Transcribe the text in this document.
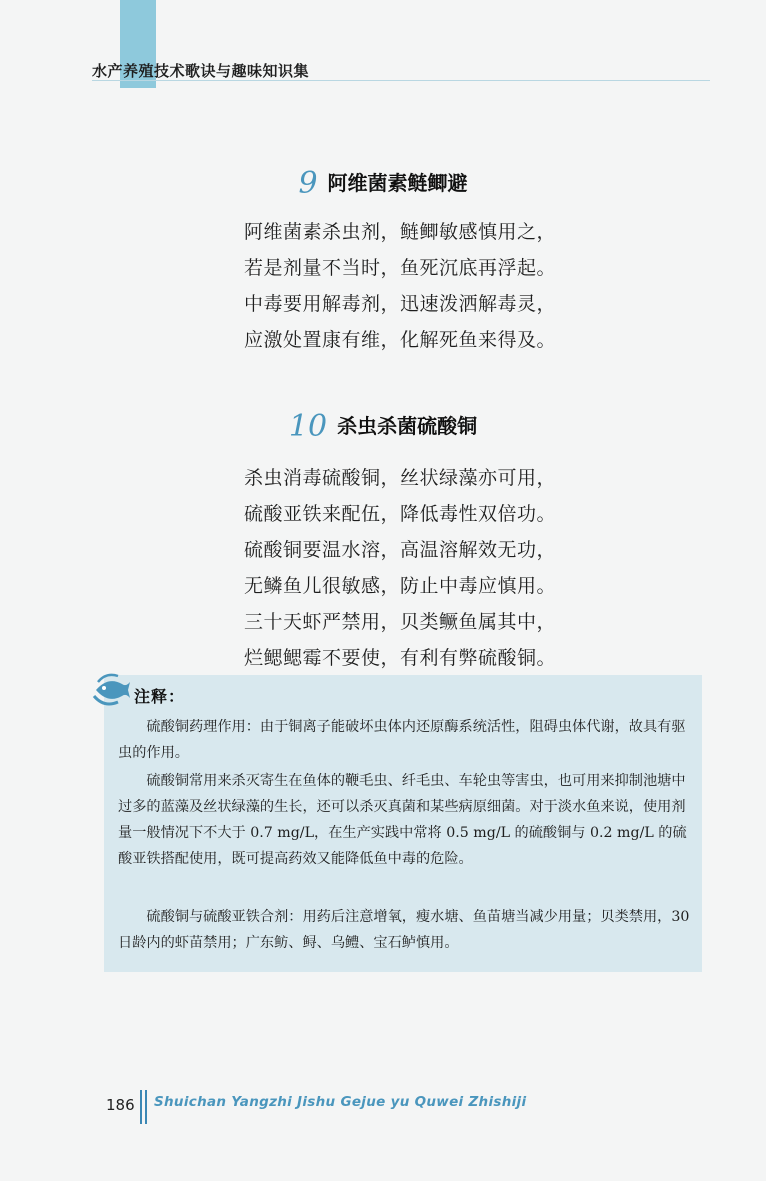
水产养殖技术歌诀与趣味知识集
9 阿维菌素鲢鲫避
阿维菌素杀虫剂，鲢鲫敏感慎用之，
若是剂量不当时，鱼死沉底再浮起。
中毒要用解毒剂，迅速泼洒解毒灵，
应激处置康有维，化解死鱼来得及。
10 杀虫杀菌硫酸铜
杀虫消毒硫酸铜，丝状绿藻亦可用，
硫酸亚铁来配伍，降低毒性双倍功。
硫酸铜要温水溶，高温溶解效无功，
无鳞鱼儿很敏感，防止中毒应慎用。
三十天虾严禁用，贝类鳜鱼属其中，
烂鳃鳃霉不要使，有利有弊硫酸铜。
注释：
硫酸铜药理作用：由于铜离子能破坏虫体内还原酶系统活性，阻碍虫体代谢，故具有驱虫的作用。
硫酸铜常用来杀灭寄生在鱼体的鞭毛虫、纤毛虫、车轮虫等害虫，也可用来抑制池塘中过多的蓝藻及丝状绿藻的生长，还可以杀灭真菌和某些病原细菌。对于淡水鱼来说，使用剂量一般情况下不大于 0.7 mg/L，在生产实践中常将 0.5 mg/L 的硫酸铜与 0.2 mg/L 的硫酸亚铁搭配使用，既可提高药效又能降低鱼中毒的危险。
硫酸铜与硫酸亚铁合剂：用药后注意增氧，瘦水塘、鱼苗塘当减少用量；贝类禁用，30 日龄内的虾苗禁用；广东鲂、鲟、乌鳢、宝石鲈慎用。
186 Shuichan Yangzhi Jishu Gejue yu Quwei Zhishiji
